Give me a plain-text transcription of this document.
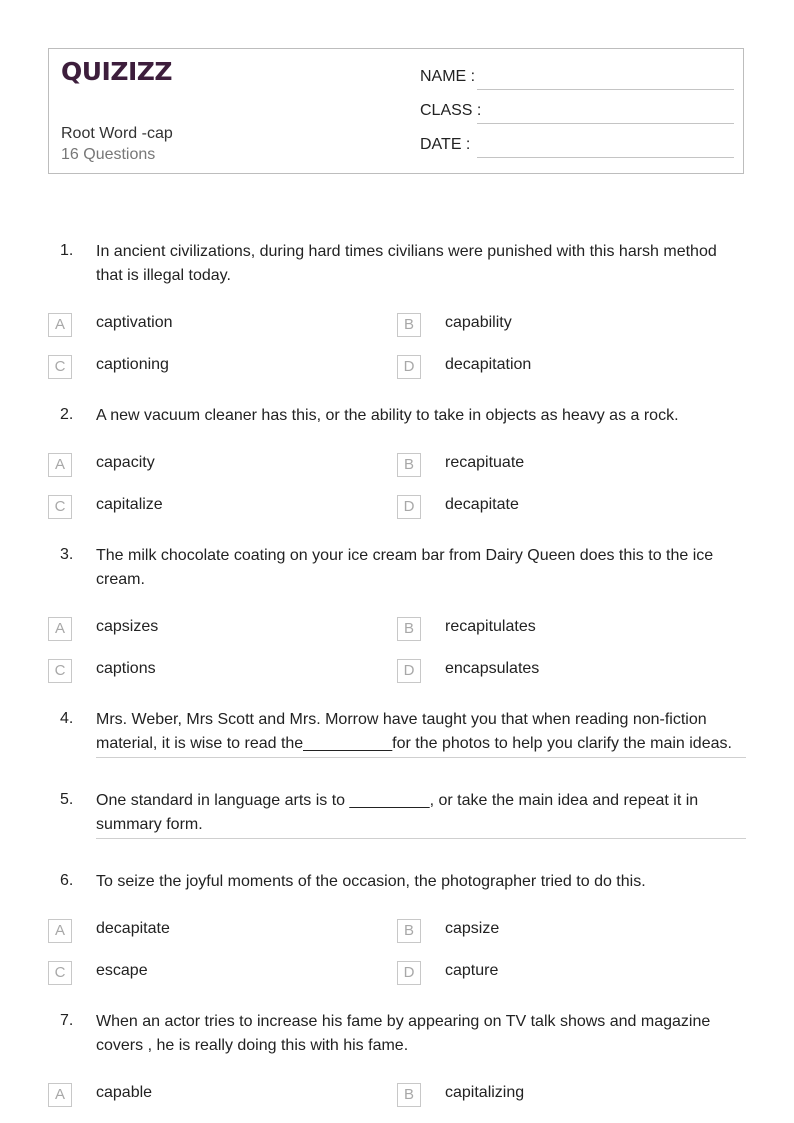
QUIZIZZ
Root Word -cap
16 Questions
NAME :
CLASS :
DATE :
1. In ancient civilizations, during hard times civilians were punished with this harsh method that is illegal today.
A	captivation	B	capability
C	captioning	D	decapitation
2. A new vacuum cleaner has this, or the ability to take in objects as heavy as a rock.
A	capacity	B	recapituate
C	capitalize	D	decapitate
3. The milk chocolate coating on your ice cream bar from Dairy Queen does this to the ice cream.
A	capsizes	B	recapitulates
C	captions	D	encapsulates
4. Mrs. Weber, Mrs Scott and Mrs. Morrow have taught you that when reading non-fiction material, it is wise to read the__________for the photos to help you clarify the main ideas.
5. One standard in language arts is to _________, or take the main idea and repeat it in summary form.
6. To seize the joyful moments of the occasion, the photographer tried to do this.
A	decapitate	B	capsize
C	escape	D	capture
7. When an actor tries to increase his fame by appearing on TV talk shows and magazine covers , he is really doing this with his fame.
A	capable	B	capitalizing
